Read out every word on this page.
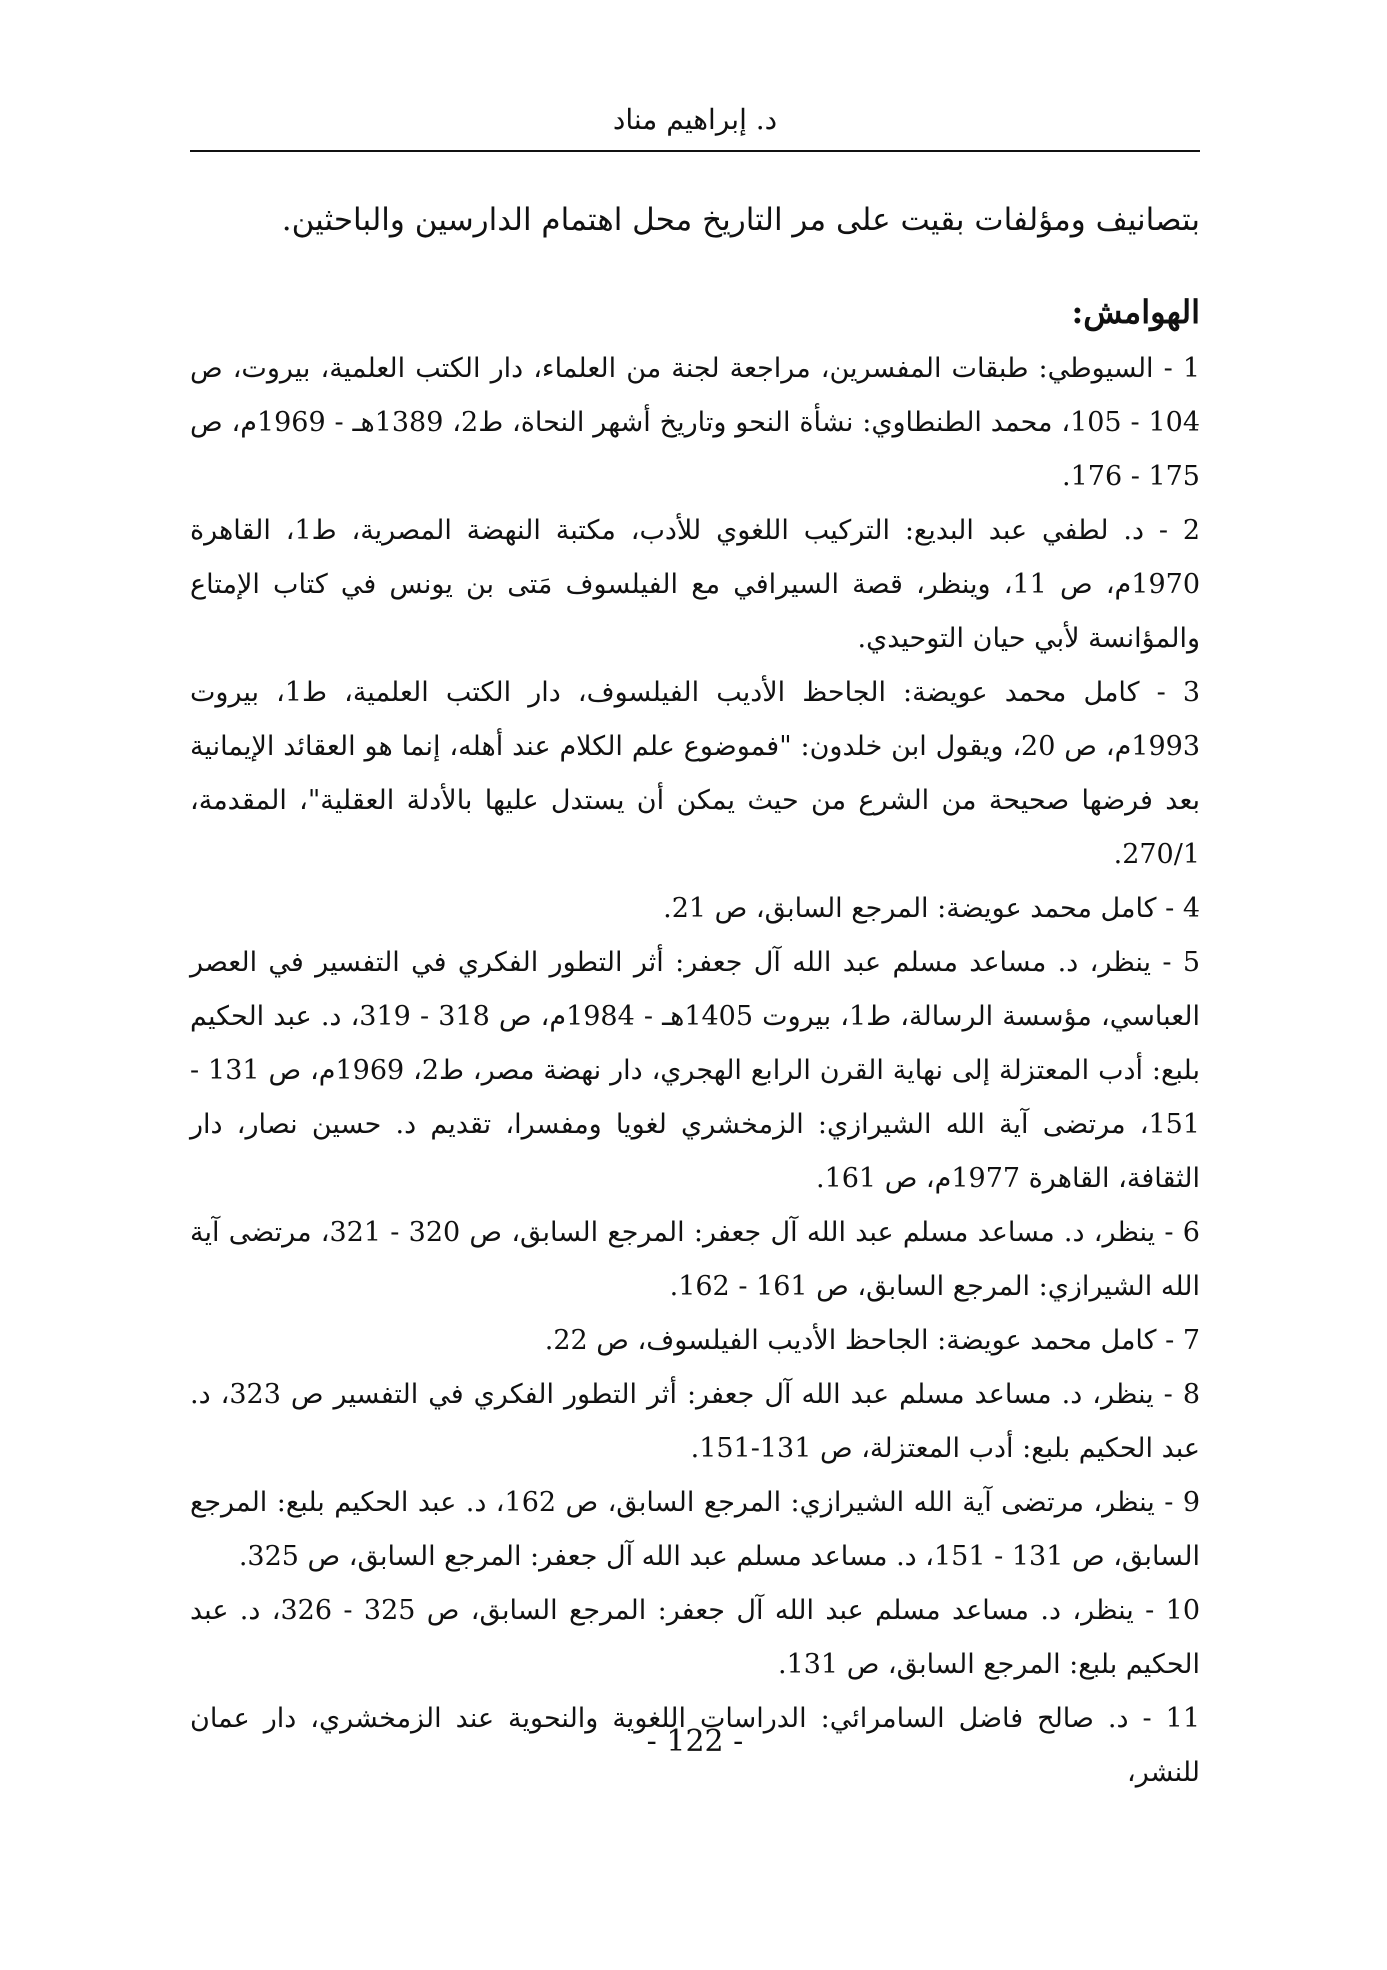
د. إبراهيم مناد

بتصانيف ومؤلفات بقيت على مر التاريخ محل اهتمام الدارسين والباحثين.

الهوامش:
1 - السيوطي: طبقات المفسرين، مراجعة لجنة من العلماء، دار الكتب العلمية، بيروت، ص 104 - 105، محمد الطنطاوي: نشأة النحو وتاريخ أشهر النحاة، ط2، 1389هـ - 1969م، ص 175 - 176.
2 - د. لطفي عبد البديع: التركيب اللغوي للأدب، مكتبة النهضة المصرية، ط1، القاهرة 1970م، ص 11، وينظر، قصة السيرافي مع الفيلسوف مَتى بن يونس في كتاب الإمتاع والمؤانسة لأبي حيان التوحيدي.
3 - كامل محمد عويضة: الجاحظ الأديب الفيلسوف، دار الكتب العلمية، ط1، بيروت 1993م، ص 20، ويقول ابن خلدون: "فموضوع علم الكلام عند أهله، إنما هو العقائد الإيمانية بعد فرضها صحيحة من الشرع من حيث يمكن أن يستدل عليها بالأدلة العقلية"، المقدمة، 270/1.
4 - كامل محمد عويضة: المرجع السابق، ص 21.
5 - ينظر، د. مساعد مسلم عبد الله آل جعفر: أثر التطور الفكري في التفسير في العصر العباسي، مؤسسة الرسالة، ط1، بيروت 1405هـ - 1984م، ص 318 - 319، د. عبد الحكيم بلبع: أدب المعتزلة إلى نهاية القرن الرابع الهجري، دار نهضة مصر، ط2، 1969م، ص 131 - 151، مرتضى آية الله الشيرازي: الزمخشري لغويا ومفسرا، تقديم د. حسين نصار، دار الثقافة، القاهرة 1977م، ص 161.
6 - ينظر، د. مساعد مسلم عبد الله آل جعفر: المرجع السابق، ص 320 - 321، مرتضى آية الله الشيرازي: المرجع السابق، ص 161 - 162.
7 - كامل محمد عويضة: الجاحظ الأديب الفيلسوف، ص 22.
8 - ينظر، د. مساعد مسلم عبد الله آل جعفر: أثر التطور الفكري في التفسير ص 323، د. عبد الحكيم بلبع: أدب المعتزلة، ص 131-151.
9 - ينظر، مرتضى آية الله الشيرازي: المرجع السابق، ص 162، د. عبد الحكيم بلبع: المرجع السابق، ص 131 - 151، د. مساعد مسلم عبد الله آل جعفر: المرجع السابق، ص 325.
10 - ينظر، د. مساعد مسلم عبد الله آل جعفر: المرجع السابق، ص 325 - 326، د. عبد الحكيم بلبع: المرجع السابق، ص 131.
11 - د. صالح فاضل السامرائي: الدراسات اللغوية والنحوية عند الزمخشري، دار عمان للنشر،
- 122 -
